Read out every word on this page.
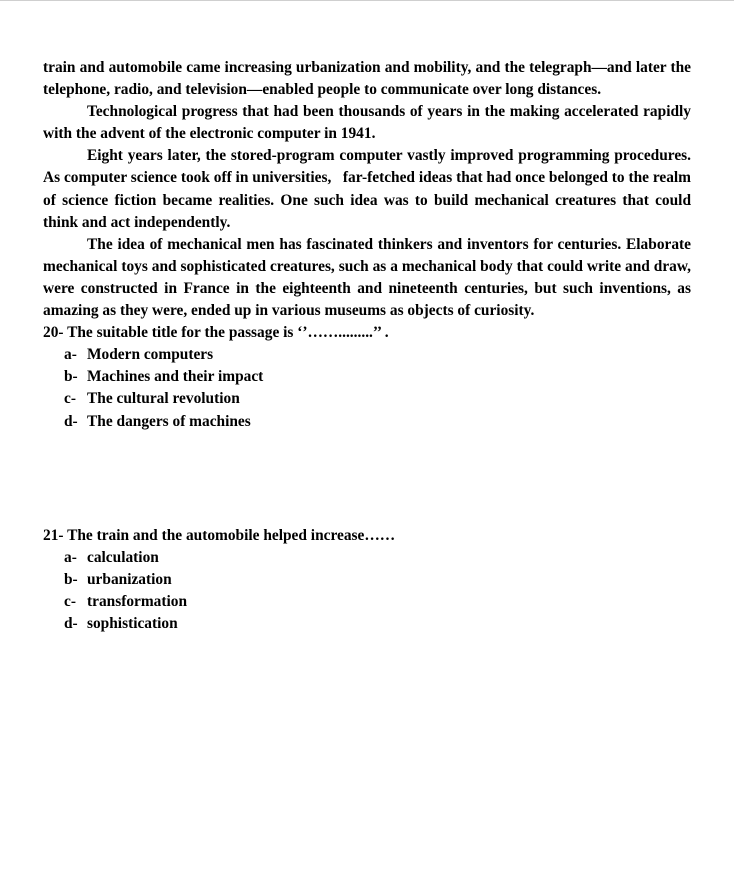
train and automobile came increasing urbanization and mobility, and the telegraph—and later the telephone, radio, and television—enabled people to communicate over long distances.

Technological progress that had been thousands of years in the making accelerated rapidly with the advent of the electronic computer in 1941.

Eight years later, the stored-program computer vastly improved programming procedures. As computer science took off in universities,   far-fetched ideas that had once belonged to the realm of science fiction became realities. One such idea was to build mechanical creatures that could think and act independently.

The idea of mechanical men has fascinated thinkers and inventors for centuries. Elaborate mechanical toys and sophisticated creatures, such as a mechanical body that could write and draw, were constructed in France in the eighteenth and nineteenth centuries, but such inventions, as amazing as they were, ended up in various museums as objects of curiosity.

20- The suitable title for the passage is ‘’…….........’’ .

a- Modern computers
b- Machines and their impact
c- The cultural revolution
d- The dangers of machines

21- The train and the automobile helped increase……

a- calculation
b- urbanization
c- transformation
d- sophistication
